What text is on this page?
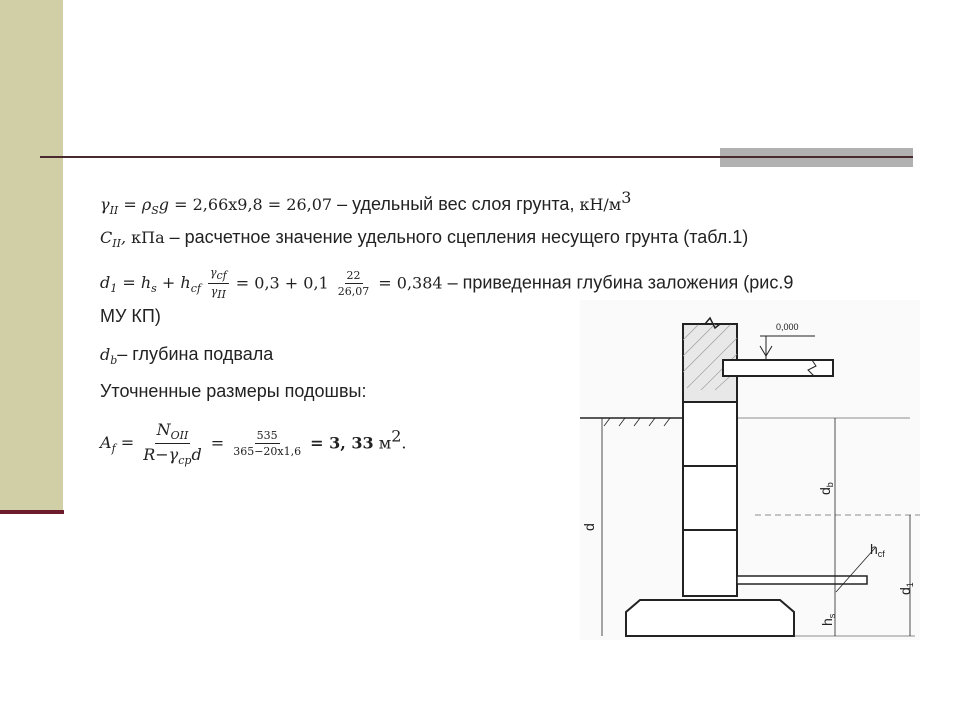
$\gamma_{II} = \rho_Sg = 2,66х9,8 = 26,07$ – удельный вес слоя грунта, $кН/м^3$
$C_{II}$, кПа – расчетное значение удельного сцепления несущего грунта (табл.1)
$d_1 = h_s + h_{cf} \frac{\gamma_{cf}}{\gamma_{II}} = 0,3 + 0,1 \frac{22}{26,07} = 0,384$ – приведенная глубина заложения (рис.9
МУ КП)
$d_b-$ глубина подвала
Уточненные размеры подошвы:
$A_f = \frac{N_{OII}}{R-\gamma_{cp}d} = \frac{535}{365-20х1,6} = 3$, 33 $м^2$.
0,000
d
$d_b$
$d_1$
$h_{cf}$
$h_s$
